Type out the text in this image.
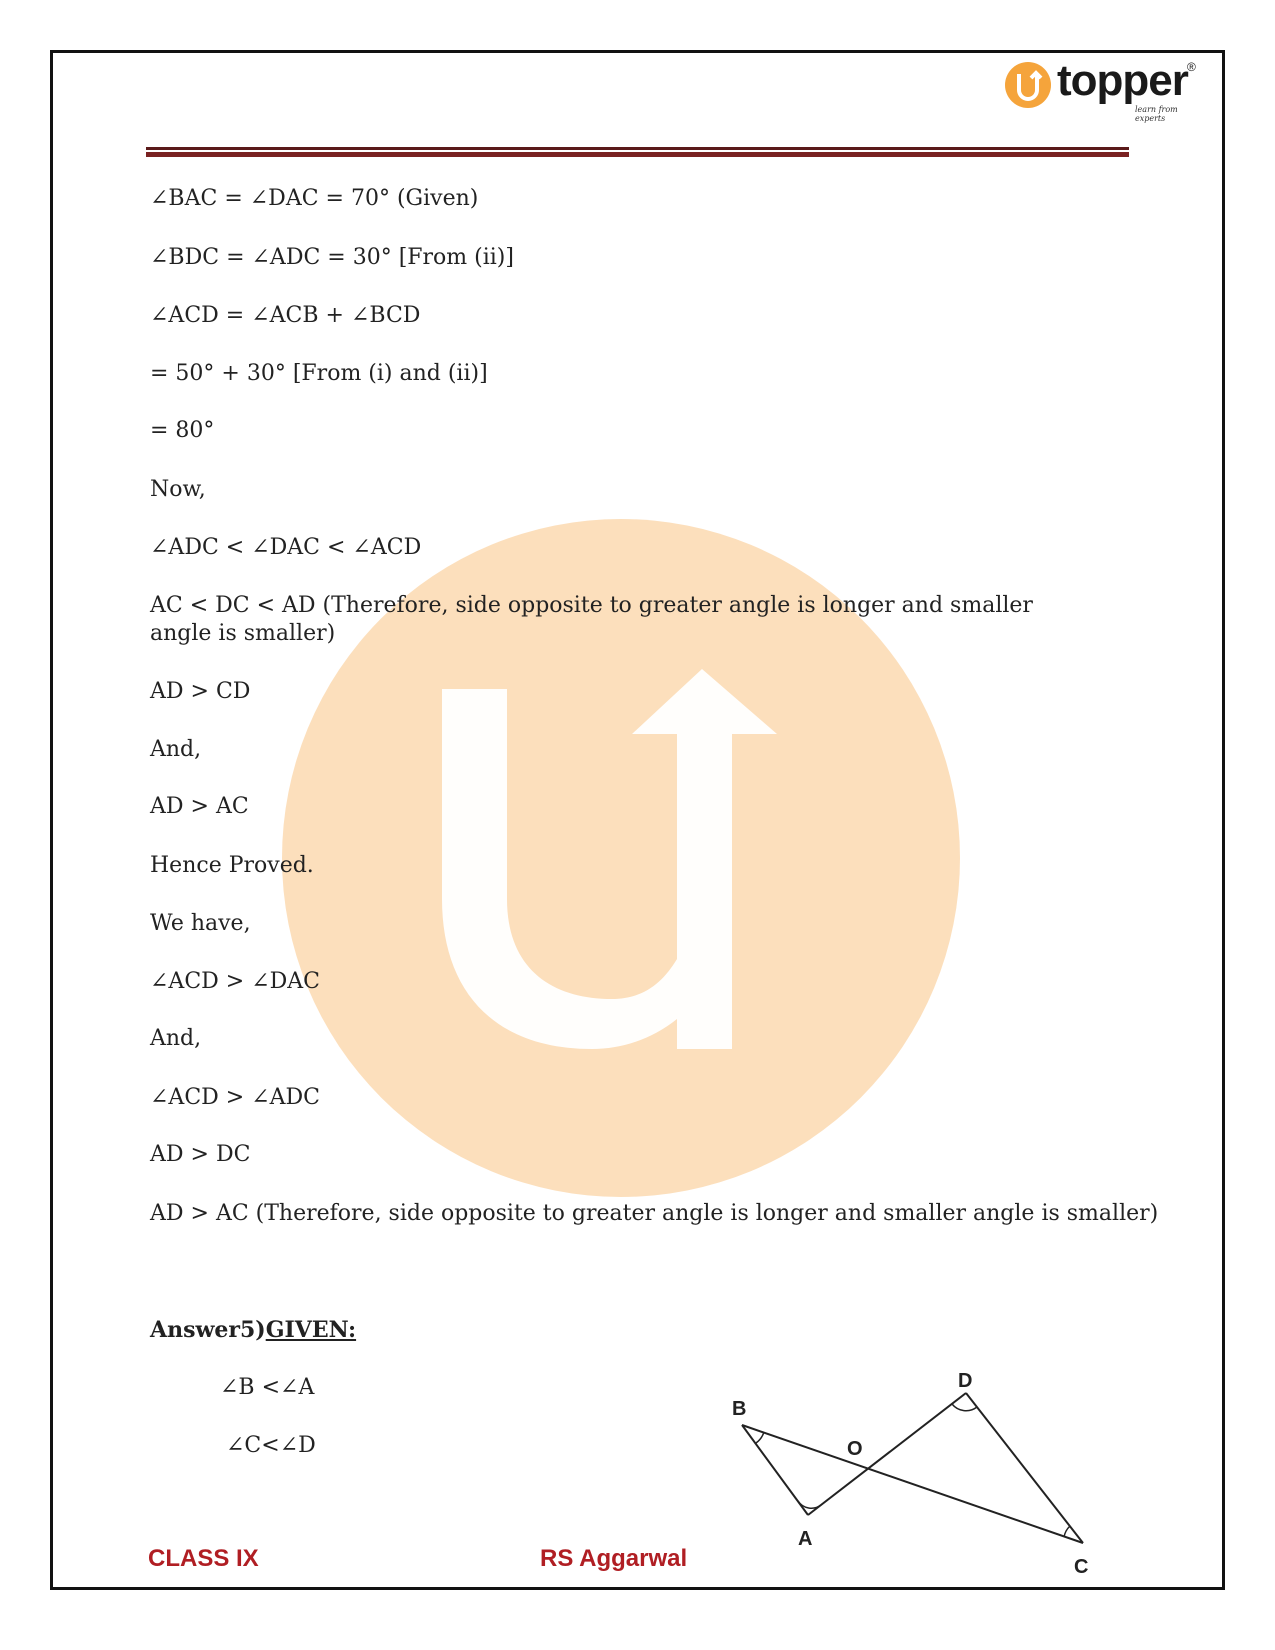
topper ®
learn from experts
∠BAC = ∠DAC = 70° (Given)
∠BDC = ∠ADC = 30° [From (ii)]
∠ACD = ∠ACB + ∠BCD
= 50° + 30° [From (i) and (ii)]
= 80°
Now,
∠ADC < ∠DAC < ∠ACD
AC < DC < AD (Therefore, side opposite to greater angle is longer and smaller angle is smaller)
AD > CD
And,
AD > AC
Hence Proved.
We have,
∠ACD > ∠DAC
And,
∠ACD > ∠ADC
AD > DC
AD > AC (Therefore, side opposite to greater angle is longer and smaller angle is smaller)
Answer5)GIVEN:
∠B <∠A
∠C<∠D
B
A
O
D
C
CLASS IX	RS Aggarwal
